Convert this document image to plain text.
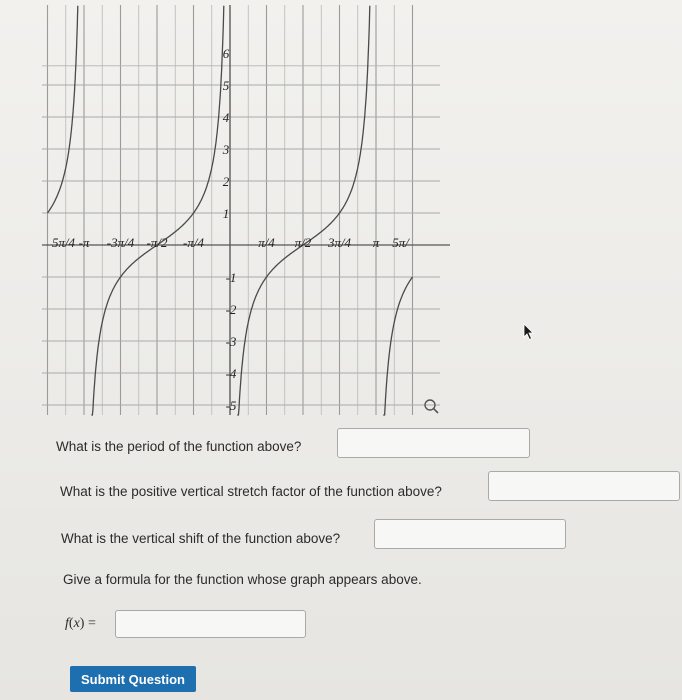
6
5
4
3
2
1
-1
-2
-3
-4
-5
5π/4 -π -3π/4 -π/2 -π/4	π/4 π/2 3π/4 π 5π/
What is the period of the function above?
What is the positive vertical stretch factor of the function above?
What is the vertical shift of the function above?
Give a formula for the function whose graph appears above.
f(x) =
Submit Question
